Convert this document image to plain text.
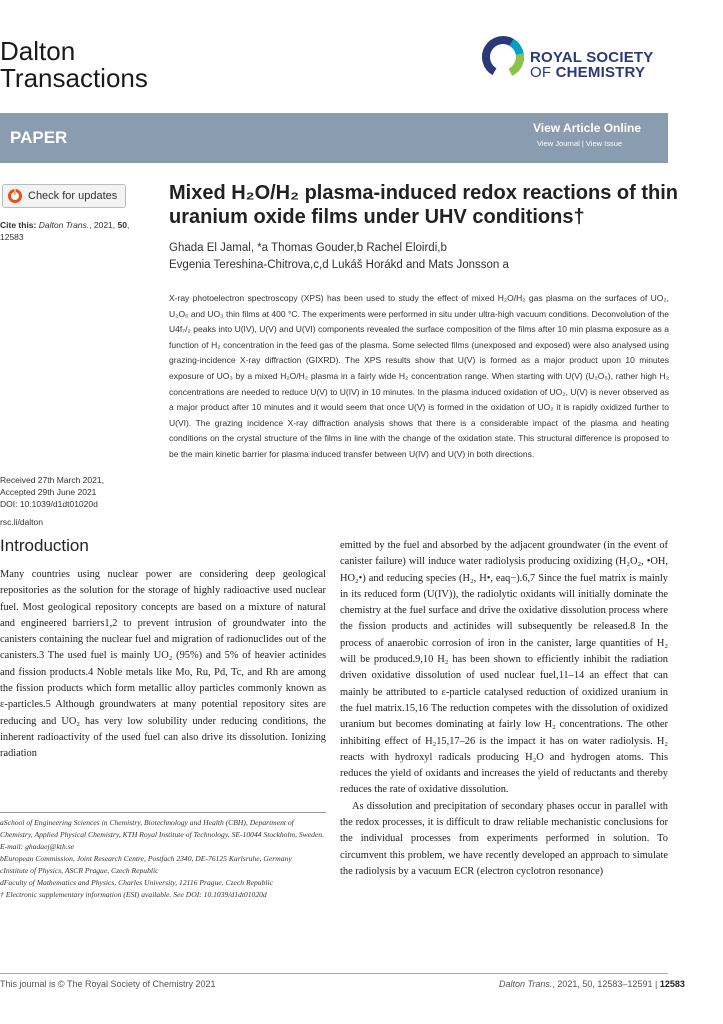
Dalton
Transactions
ROYAL SOCIETY
OF CHEMISTRY
PAPER	View Article Online
View Journal | View Issue
Check for updates
Cite this: Dalton Trans., 2021, 50, 12583
Received 27th March 2021,
Accepted 29th June 2021
DOI: 10.1039/d1dt01020d
rsc.li/dalton
Mixed H₂O/H₂ plasma-induced redox reactions of thin uranium oxide films under UHV conditions†
Ghada El Jamal, *a Thomas Gouder,b Rachel Eloirdi,b
Evgenia Tereshina-Chitrova,c,d Lukáš Horákd and Mats Jonsson a
X-ray photoelectron spectroscopy (XPS) has been used to study the effect of mixed H₂O/H₂ gas plasma on the surfaces of UO₂, U₂O₅ and UO₃ thin films at 400 °C. The experiments were performed in situ under ultra-high vacuum conditions. Deconvolution of the U4f₇/₂ peaks into U(IV), U(V) and U(VI) components revealed the surface composition of the films after 10 min plasma exposure as a function of H₂ concentration in the feed gas of the plasma. Some selected films (unexposed and exposed) were also analysed using grazing-incidence X-ray diffraction (GIXRD). The XPS results show that U(V) is formed as a major product upon 10 minutes exposure of UO₃ by a mixed H₂O/H₂ plasma in a fairly wide H₂ concentration range. When starting with U(V) (U₂O₅), rather high H₂ concentrations are needed to reduce U(V) to U(IV) in 10 minutes. In the plasma induced oxidation of UO₂, U(V) is never observed as a major product after 10 minutes and it would seem that once U(V) is formed in the oxidation of UO₂ it is rapidly oxidized further to U(VI). The grazing incidence X-ray diffraction analysis shows that there is a considerable impact of the plasma and heating conditions on the crystal structure of the films in line with the change of the oxidation state. This structural difference is proposed to be the main kinetic barrier for plasma induced transfer between U(IV) and U(V) in both directions.
Introduction

Many countries using nuclear power are considering deep geological repositories as the solution for the storage of highly radioactive used nuclear fuel. Most geological repository concepts are based on a mixture of natural and engineered barriers1,2 to prevent intrusion of groundwater into the canisters containing the nuclear fuel and migration of radionuclides out of the canisters.3 The used fuel is mainly UO₂ (95%) and 5% of heavier actinides and fission products.4 Noble metals like Mo, Ru, Pd, Tc, and Rh are among the fission products which form metallic alloy particles commonly known as ε-particles.5 Although groundwaters at many potential repository sites are reducing and UO₂ has very low solubility under reducing conditions, the inherent radioactivity of the used fuel can also drive its dissolution. Ionizing radiation

emitted by the fuel and absorbed by the adjacent groundwater (in the event of canister failure) will induce water radiolysis producing oxidizing (H₂O₂, •OH, HO₂•) and reducing species (H₂, H•, eaq−).6,7 Since the fuel matrix is mainly in its reduced form (U(IV)), the radiolytic oxidants will initially dominate the chemistry at the fuel surface and drive the oxidative dissolution process where the fission products and actinides will subsequently be released.8 In the process of anaerobic corrosion of iron in the canister, large quantities of H₂ will be produced.9,10 H₂ has been shown to efficiently inhibit the radiation driven oxidative dissolution of used nuclear fuel,11–14 an effect that can mainly be attributed to ε-particle catalysed reduction of oxidized uranium in the fuel matrix.15,16 The reduction competes with the dissolution of oxidized uranium but becomes dominating at fairly low H₂ concentrations. The other inhibiting effect of H₂15,17–26 is the impact it has on water radiolysis. H₂ reacts with hydroxyl radicals producing H₂O and hydrogen atoms. This reduces the yield of oxidants and increases the yield of reductants and thereby reduces the rate of oxidative dissolution.

As dissolution and precipitation of secondary phases occur in parallel with the redox processes, it is difficult to draw reliable mechanistic conclusions for the individual processes from experiments performed in solution. To circumvent this problem, we have recently developed an approach to simulate the radiolysis by a vacuum ECR (electron cyclotron resonance)

aSchool of Engineering Sciences in Chemistry, Biotechnology and Health (CBH), Department of Chemistry, Applied Physical Chemistry, KTH Royal Institute of Technology, SE-10044 Stockholm, Sweden. E-mail: ghadaej@kth.se
bEuropean Commission, Joint Research Centre, Postfach 2340, DE-76125 Karlsruhe, Germany
cInstitute of Physics, ASCR Prague, Czech Republic
dFaculty of Mathematics and Physics, Charles University, 12116 Prague, Czech Republic
† Electronic supplementary information (ESI) available. See DOI: 10.1039/d1dt01020d
This journal is © The Royal Society of Chemistry 2021	Dalton Trans., 2021, 50, 12583–12591 | 12583
